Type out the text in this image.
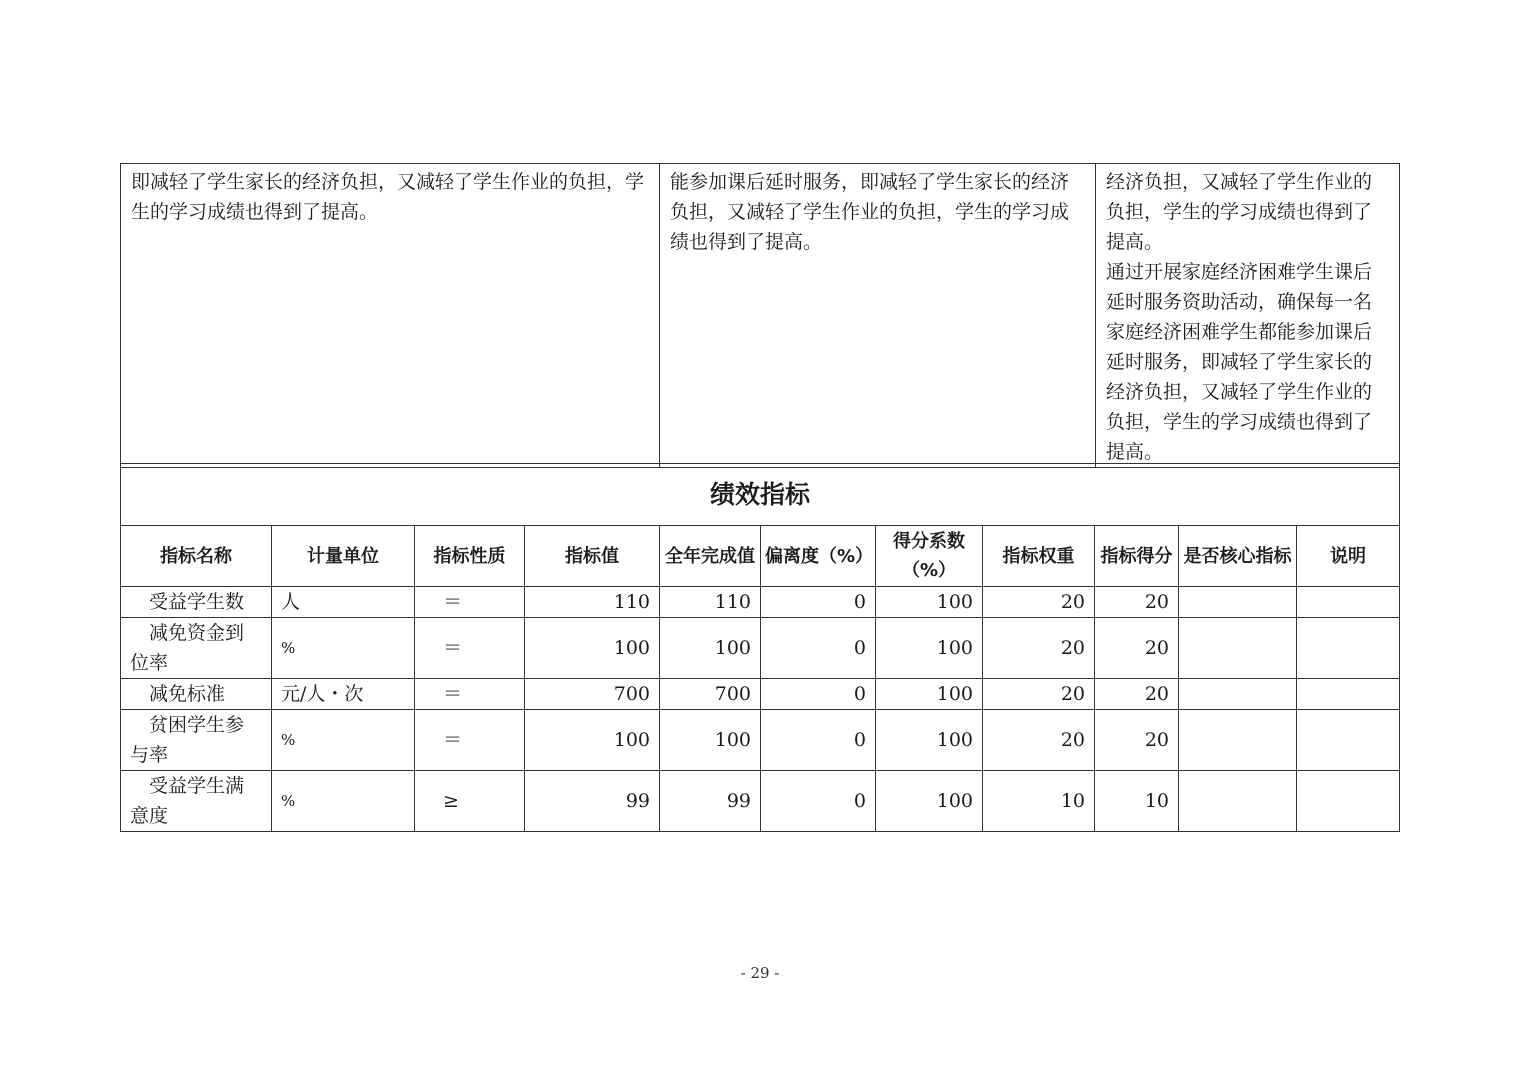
即减轻了学生家长的经济负担，又减轻了学生作业的负担，学生的学习成绩也得到了提高。

能参加课后延时服务，即减轻了学生家长的经济负担，又减轻了学生作业的负担，学生的学习成绩也得到了提高。

经济负担，又减轻了学生作业的负担，学生的学习成绩也得到了提高。

通过开展家庭经济困难学生课后延时服务资助活动，确保每一名家庭经济困难学生都能参加课后延时服务，即减轻了学生家长的经济负担，又减轻了学生作业的负担，学生的学习成绩也得到了提高。

绩效指标										
指标名称	计量单位	指标性质	指标值	全年完成值	偏离度（%）	得分系数（%）	指标权重	指标得分	是否核心指标	说明
受益学生数	人	＝	110	110	0	100	20	20		
减免资金到位率	%	＝	100	100	0	100	20	20		
减免标准	元/人・次	＝	700	700	0	100	20	20		
贫困学生参与率	%	＝	100	100	0	100	20	20		
受益学生满意度	%	≥	99	99	0	100	10	10		
- 29 -
